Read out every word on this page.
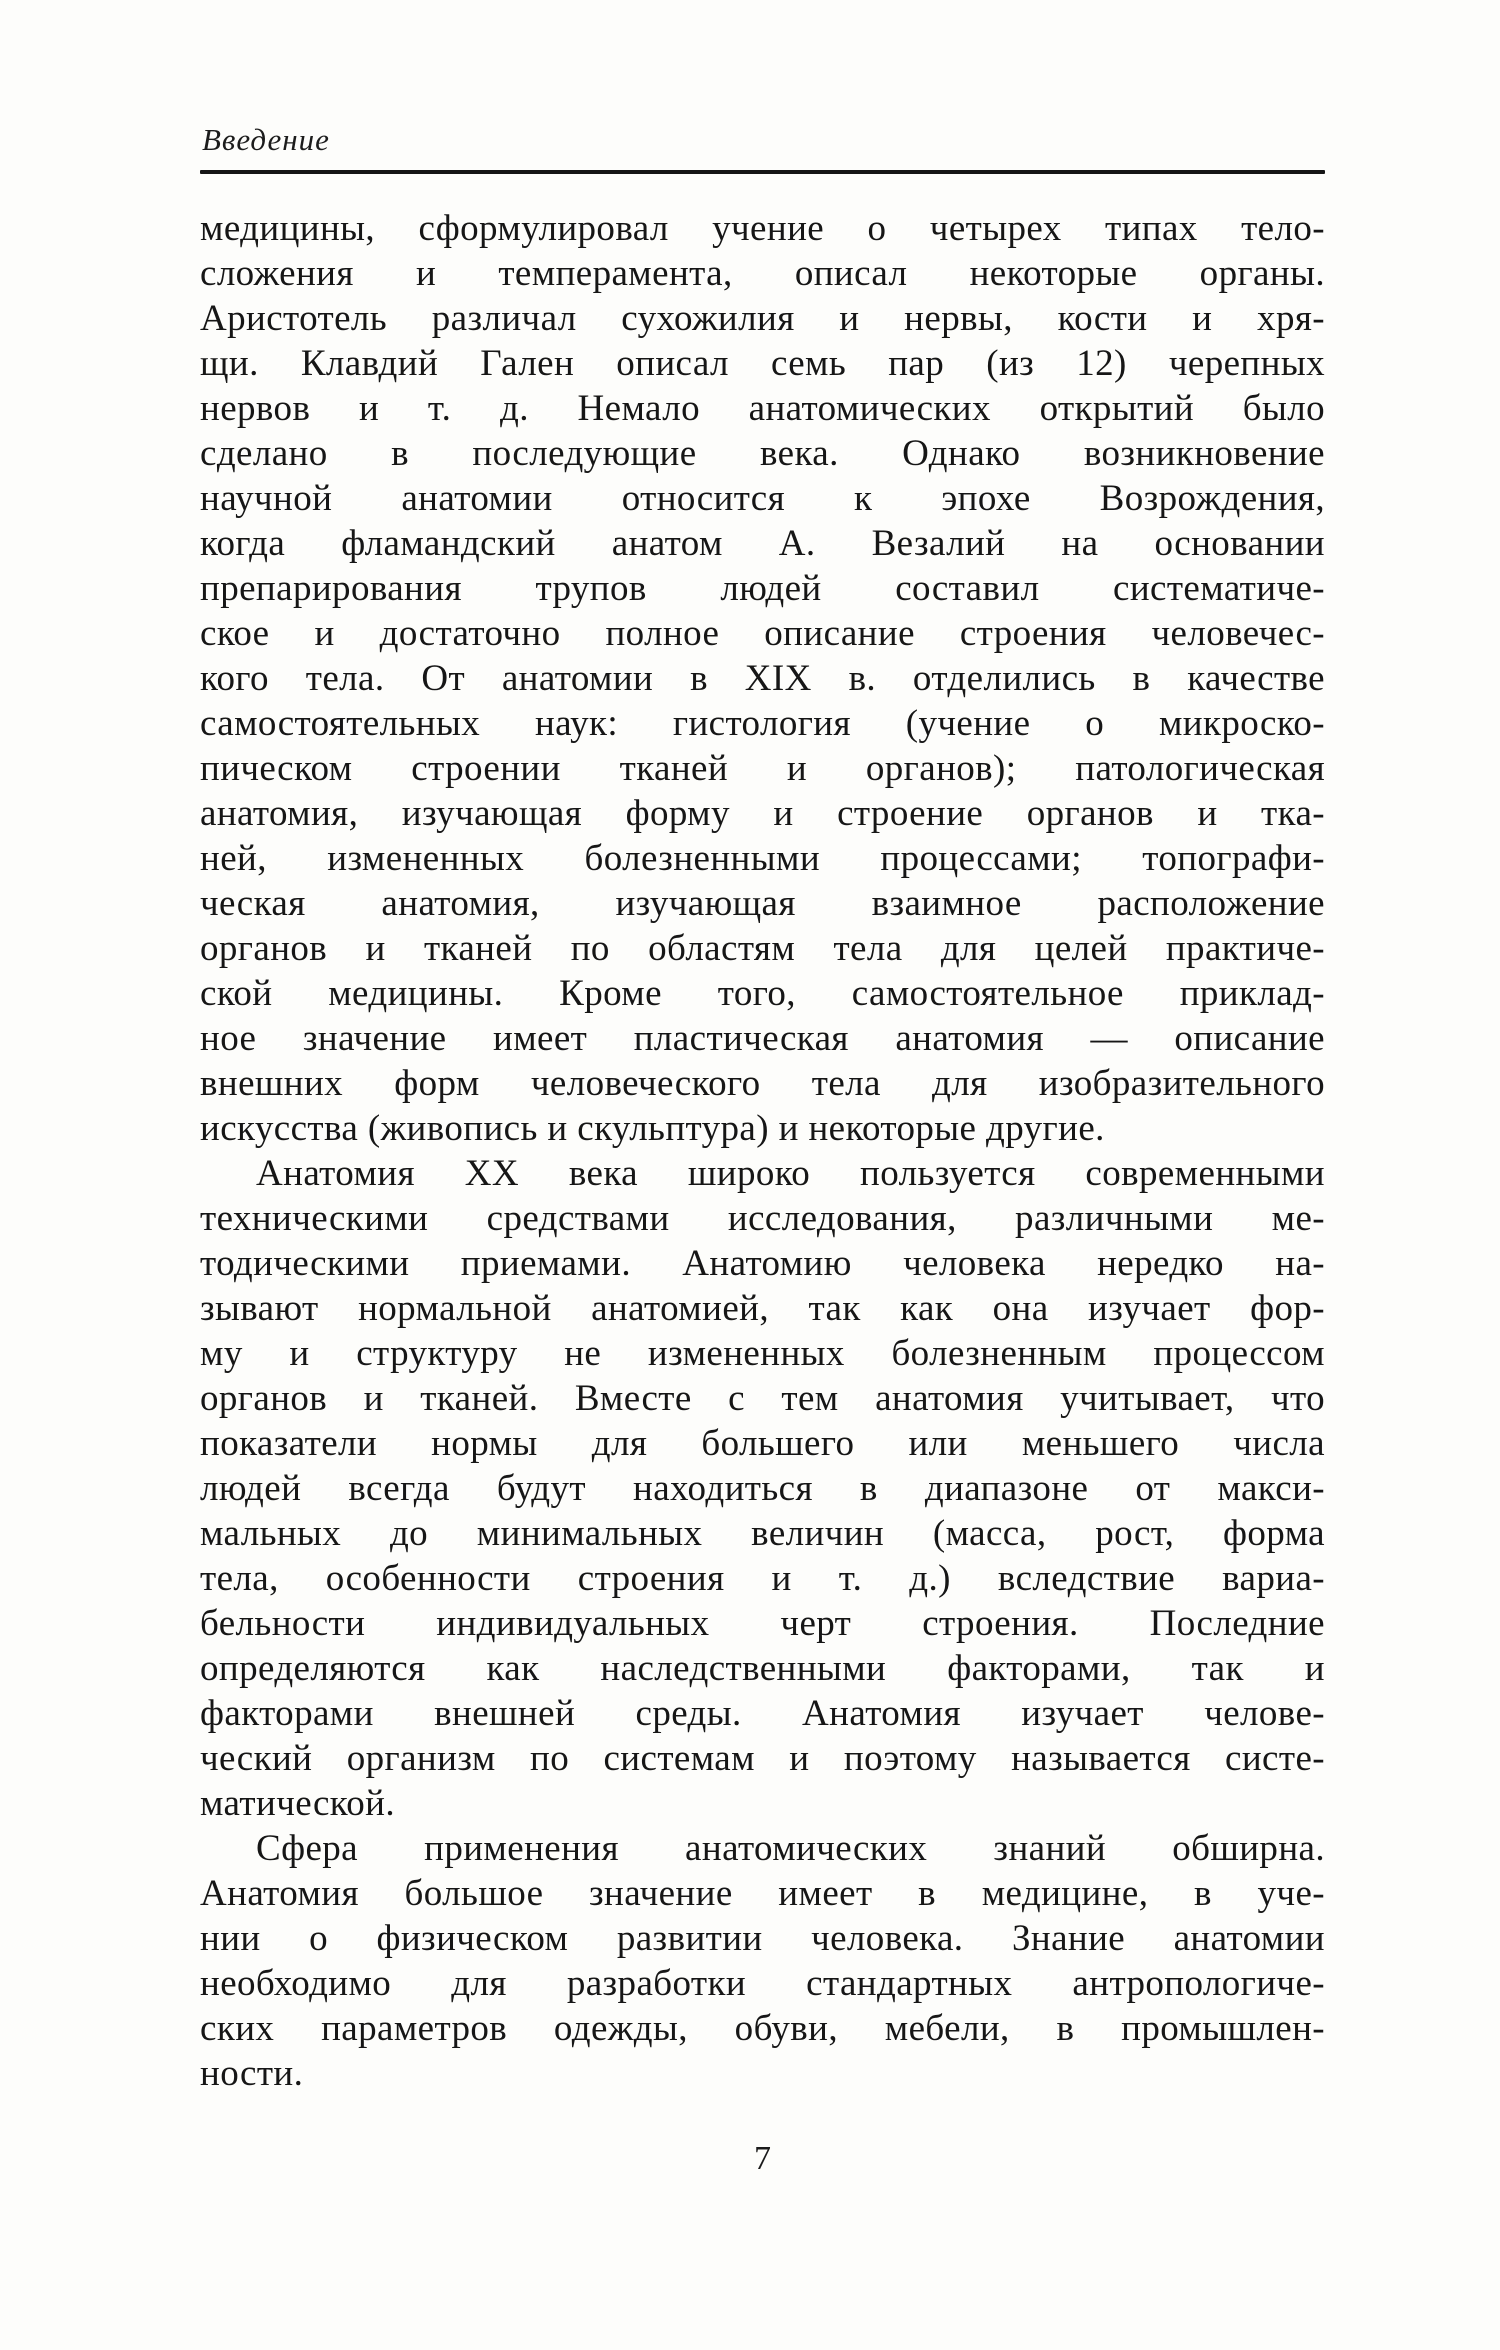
Введение
медицины, сформулировал учение о четырех типах тело-
сложения и темперамента, описал некоторые органы.
Аристотель различал сухожилия и нервы, кости и хря-
щи. Клавдий Гален описал семь пар (из 12) черепных
нервов и т. д. Немало анатомических открытий было
сделано в последующие века. Однако возникновение
научной анатомии относится к эпохе Возрождения,
когда фламандский анатом А. Везалий на основании
препарирования трупов людей составил систематиче-
ское и достаточно полное описание строения человечес-
кого тела. От анатомии в XIX в. отделились в качестве
самостоятельных наук: гистология (учение о микроско-
пическом строении тканей и органов); патологическая
анатомия, изучающая форму и строение органов и тка-
ней, измененных болезненными процессами; топографи-
ческая анатомия, изучающая взаимное расположение
органов и тканей по областям тела для целей практиче-
ской медицины. Кроме того, самостоятельное приклад-
ное значение имеет пластическая анатомия — описание
внешних форм человеческого тела для изобразительного
искусства (живопись и скульптура) и некоторые другие.
Анатомия XX века широко пользуется современными
техническими средствами исследования, различными ме-
тодическими приемами. Анатомию человека нередко на-
зывают нормальной анатомией, так как она изучает фор-
му и структуру не измененных болезненным процессом
органов и тканей. Вместе с тем анатомия учитывает, что
показатели нормы для большего или меньшего числа
людей всегда будут находиться в диапазоне от макси-
мальных до минимальных величин (масса, рост, форма
тела, особенности строения и т. д.) вследствие вариа-
бельности индивидуальных черт строения. Последние
определяются как наследственными факторами, так и
факторами внешней среды. Анатомия изучает челове-
ческий организм по системам и поэтому называется систе-
матической.
Сфера применения анатомических знаний обширна.
Анатомия большое значение имеет в медицине, в уче-
нии о физическом развитии человека. Знание анатомии
необходимо для разработки стандартных антропологиче-
ских параметров одежды, обуви, мебели, в промышлен-
ности.
7
